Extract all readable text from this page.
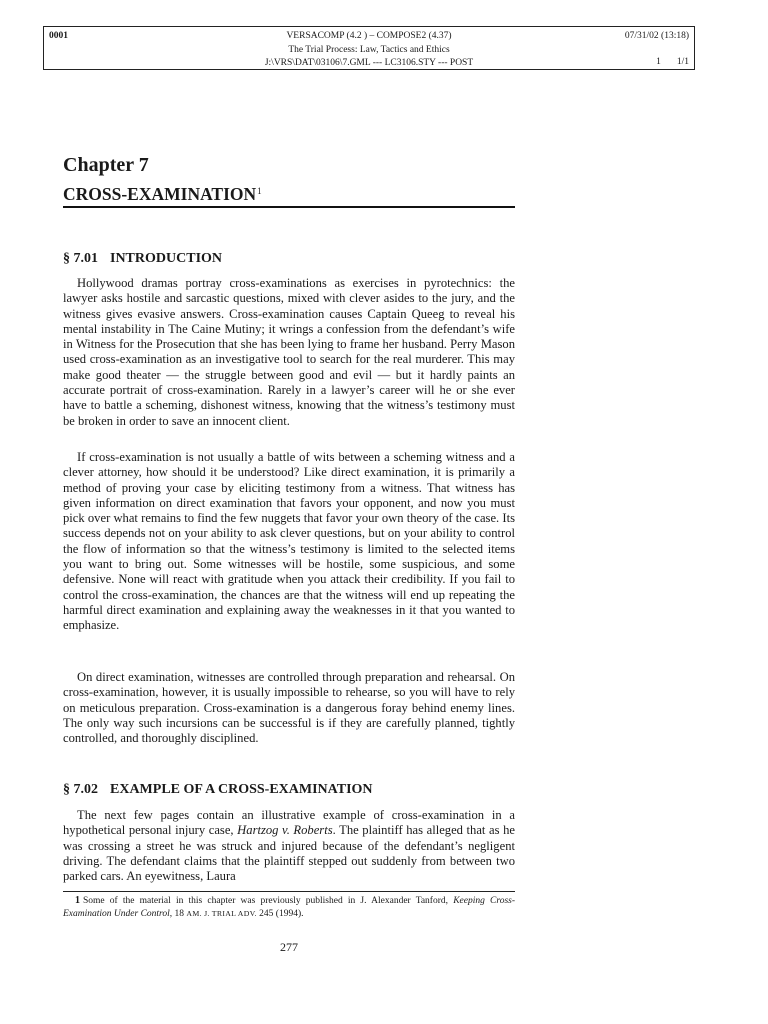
0001	VERSACOMP (4.2 ) – COMPOSE2 (4.37)
The Trial Process: Law, Tactics and Ethics
J:\VRS\DAT\03106\7.GML --- LC3106.STY --- POST
07/31/02 (13:18)
1 1/1
Chapter 7
CROSS-EXAMINATION$^1$
§ 7.01 INTRODUCTION

Hollywood dramas portray cross-examinations as exercises in pyrotechnics: the lawyer asks hostile and sarcastic questions, mixed with clever asides to the jury, and the witness gives evasive answers. Cross-examination causes Captain Queeg to reveal his mental instability in The Caine Mutiny; it wrings a confession from the defendant’s wife in Witness for the Prosecution that she has been lying to frame her husband. Perry Mason used cross-examination as an investigative tool to search for the real murderer. This may make good theater — the struggle between good and evil — but it hardly paints an accurate portrait of cross-examination. Rarely in a lawyer’s career will he or she ever have to battle a scheming, dishonest witness, knowing that the witness’s testimony must be broken in order to save an innocent client.

If cross-examination is not usually a battle of wits between a scheming witness and a clever attorney, how should it be understood? Like direct examination, it is primarily a method of proving your case by eliciting testimony from a witness. That witness has given information on direct examination that favors your opponent, and now you must pick over what remains to find the few nuggets that favor your own theory of the case. Its success depends not on your ability to ask clever questions, but on your ability to control the flow of information so that the witness’s testimony is limited to the selected items you want to bring out. Some witnesses will be hostile, some suspicious, and some defensive. None will react with gratitude when you attack their credibility. If you fail to control the cross-examination, the chances are that the witness will end up repeating the harmful direct examination and explaining away the weaknesses in it that you wanted to emphasize.

On direct examination, witnesses are controlled through preparation and rehearsal. On cross-examination, however, it is usually impossible to rehearse, so you will have to rely on meticulous preparation. Cross-examination is a dangerous foray behind enemy lines. The only way such incursions can be successful is if they are carefully planned, tightly controlled, and thoroughly disciplined.

§ 7.02 EXAMPLE OF A CROSS-EXAMINATION

The next few pages contain an illustrative example of cross-examination in a hypothetical personal injury case, Hartzog v. Roberts. The plaintiff has alleged that as he was crossing a street he was struck and injured because of the defendant’s negligent driving. The defendant claims that the plaintiff stepped out suddenly from between two parked cars. An eyewitness, Laura

1 Some of the material in this chapter was previously published in J. Alexander Tanford, Keeping Cross-Examination Under Control, 18 AM. J. TRIAL ADV. 245 (1994).

277
